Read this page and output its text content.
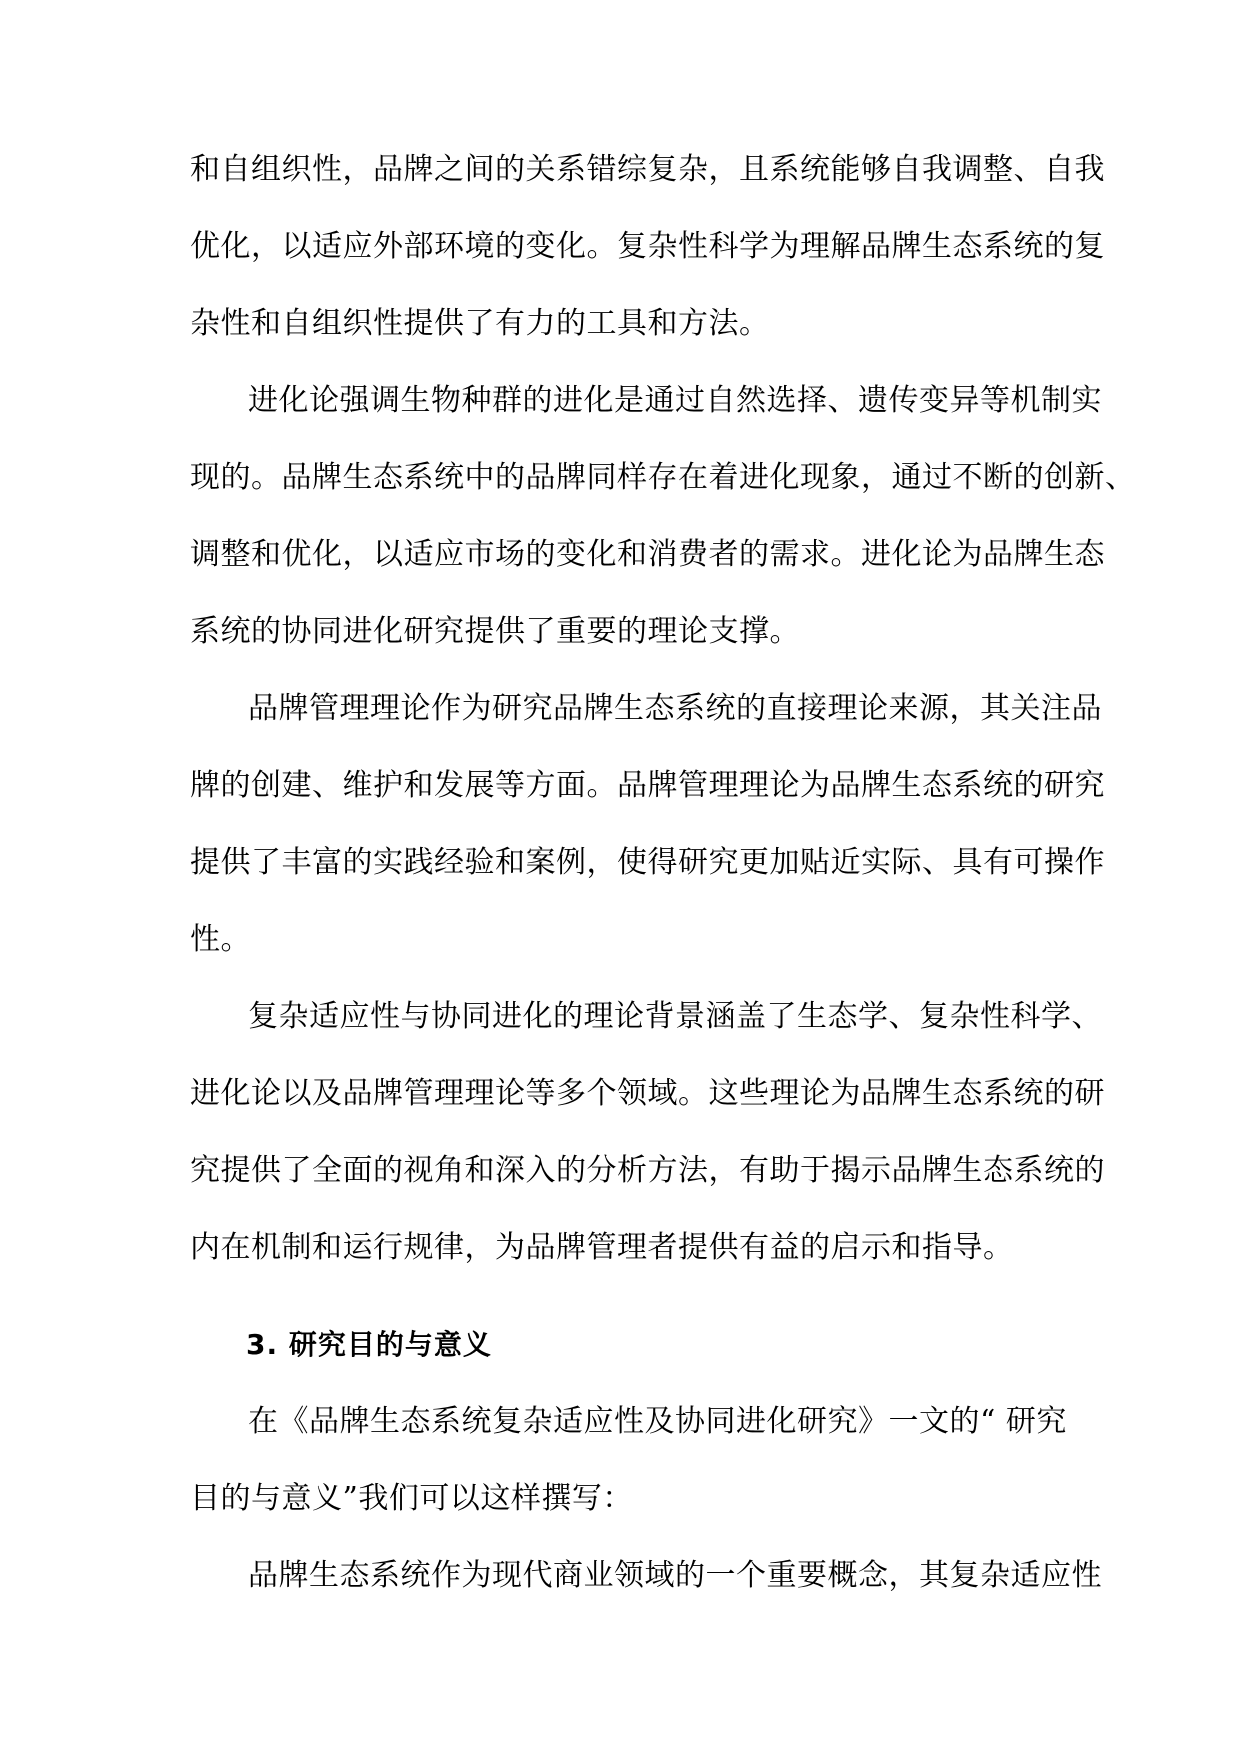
和自组织性，品牌之间的关系错综复杂，且系统能够自我调整、自我
优化，以适应外部环境的变化。复杂性科学为理解品牌生态系统的复
杂性和自组织性提供了有力的工具和方法。
进化论强调生物种群的进化是通过自然选择、遗传变异等机制实
现的。品牌生态系统中的品牌同样存在着进化现象，通过不断的创新、
调整和优化，以适应市场的变化和消费者的需求。进化论为品牌生态
系统的协同进化研究提供了重要的理论支撑。
品牌管理理论作为研究品牌生态系统的直接理论来源，其关注品
牌的创建、维护和发展等方面。品牌管理理论为品牌生态系统的研究
提供了丰富的实践经验和案例，使得研究更加贴近实际、具有可操作
性。
复杂适应性与协同进化的理论背景涵盖了生态学、复杂性科学、
进化论以及品牌管理理论等多个领域。这些理论为品牌生态系统的研
究提供了全面的视角和深入的分析方法，有助于揭示品牌生态系统的
内在机制和运行规律，为品牌管理者提供有益的启示和指导。
3. 研究目的与意义
在《品牌生态系统复杂适应性及协同进化研究》一文的“ 研究
目的与意义”我们可以这样撰写：
品牌生态系统作为现代商业领域的一个重要概念，其复杂适应性
